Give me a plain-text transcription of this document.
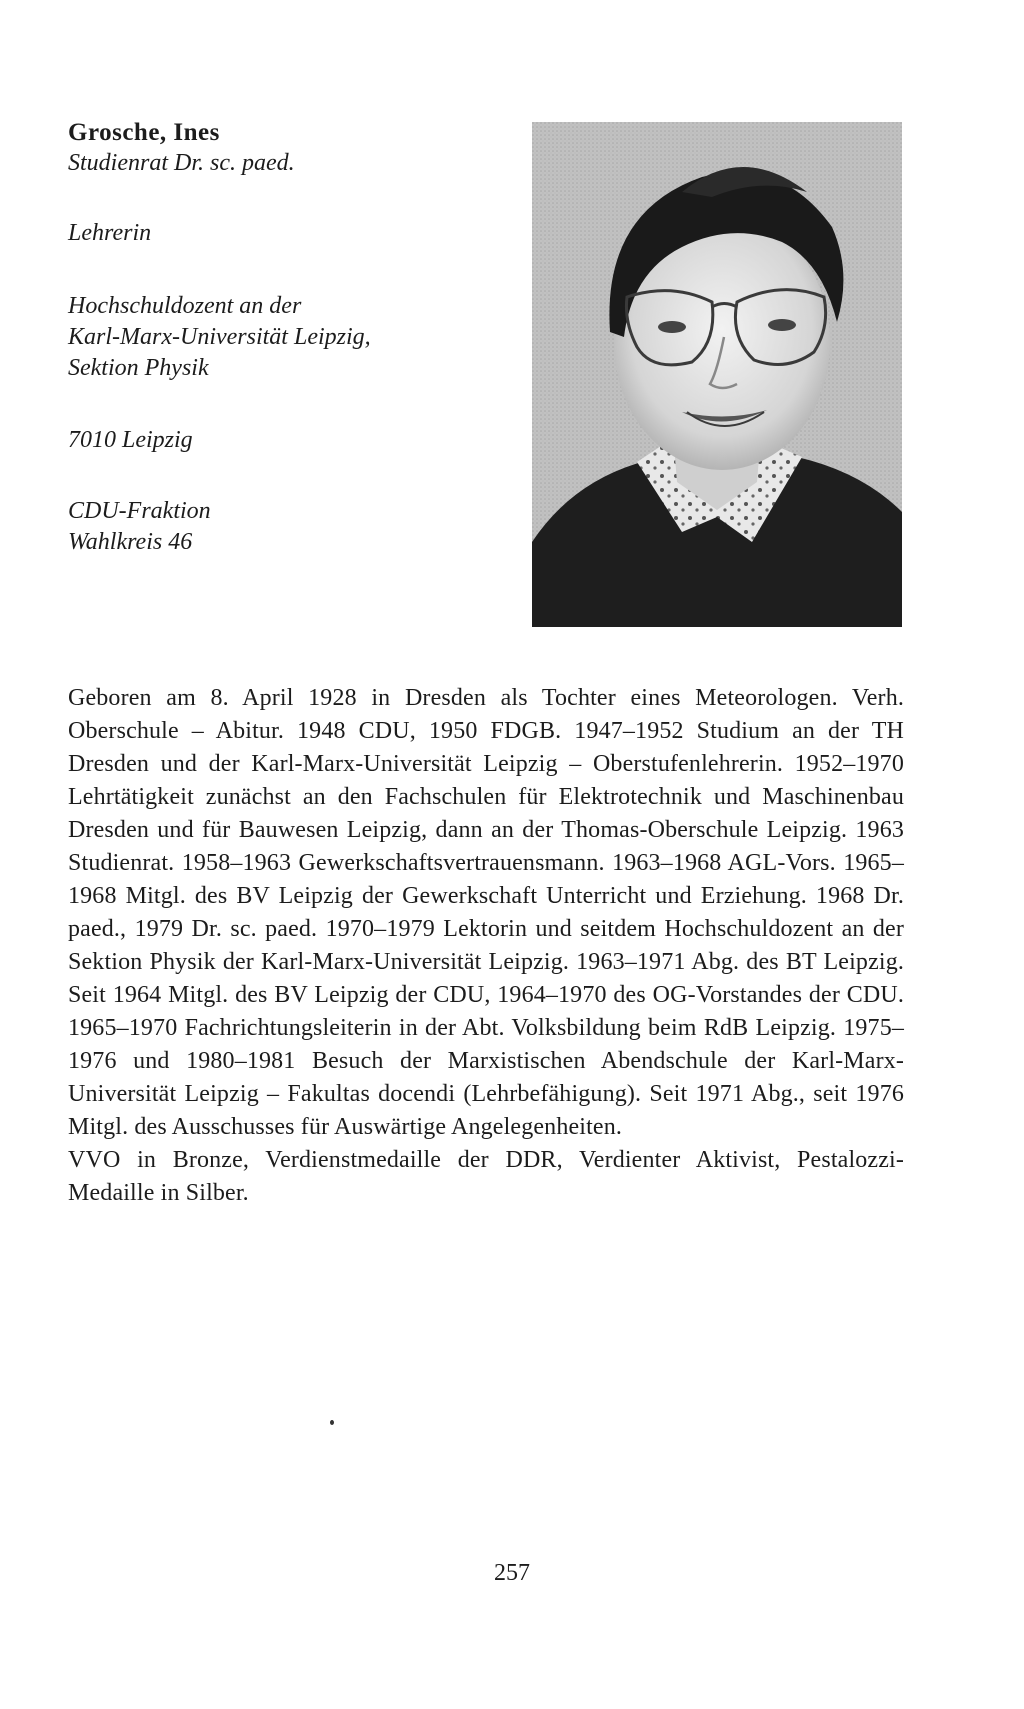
Grosche, Ines
Studienrat Dr. sc. paed.
Lehrerin
Hochschuldozent an der
Karl-Marx-Universität Leipzig,
Sektion Physik
7010 Leipzig
CDU-Fraktion
Wahlkreis 46

Geboren am 8. April 1928 in Dresden als Tochter eines Meteorologen. Verh. Oberschule – Abitur. 1948 CDU, 1950 FDGB. 1947–1952 Studium an der TH Dresden und der Karl-Marx-Universität Leipzig – Oberstufenlehrerin. 1952–1970 Lehrtätigkeit zunächst an den Fachschulen für Elektrotechnik und Maschinenbau Dresden und für Bauwesen Leipzig, dann an der Thomas-Oberschule Leipzig. 1963 Studienrat. 1958–1963 Gewerkschaftsvertrauensmann. 1963–1968 AGL-Vors. 1965–1968 Mitgl. des BV Leipzig der Gewerkschaft Unterricht und Erziehung. 1968 Dr. paed., 1979 Dr. sc. paed. 1970–1979 Lektorin und seitdem Hochschuldozent an der Sektion Physik der Karl-Marx-Universität Leipzig. 1963–1971 Abg. des BT Leipzig. Seit 1964 Mitgl. des BV Leipzig der CDU, 1964–1970 des OG-Vorstandes der CDU. 1965–1970 Fachrichtungsleiterin in der Abt. Volksbildung beim RdB Leipzig. 1975–1976 und 1980–1981 Besuch der Marxistischen Abendschule der Karl-Marx-Universität Leipzig – Fakultas docendi (Lehrbefähigung). Seit 1971 Abg., seit 1976 Mitgl. des Ausschusses für Auswärtige Angelegenheiten.

VVO in Bronze, Verdienstmedaille der DDR, Verdienter Aktivist, Pestalozzi-Medaille in Silber.

257
